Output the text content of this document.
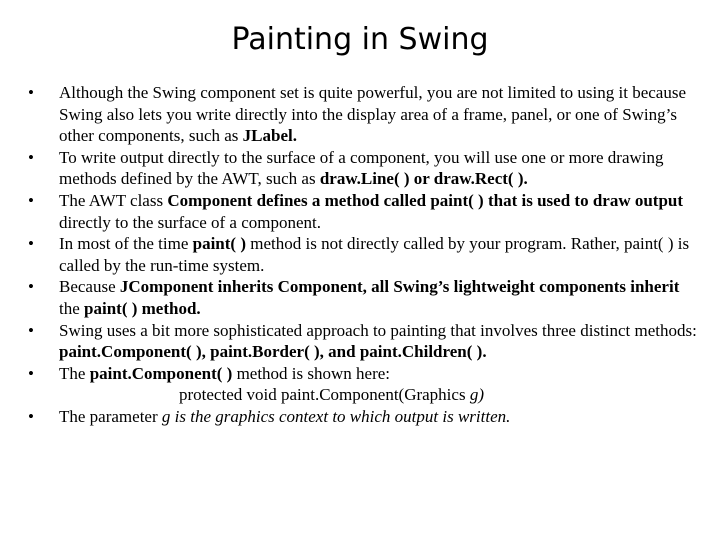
Painting in Swing
•	Although the Swing component set is quite powerful, you are not limited to using it because Swing also lets you write directly into the display area of a frame, panel, or one of Swing’s other components, such as JLabel.
•	To write output directly to the surface of a component, you will use one or more drawing methods defined by the AWT, such as draw.Line( ) or draw.Rect( ).
•	The AWT class Component defines a method called paint( ) that is used to draw output directly to the surface of a component.
•	In most of the time paint( ) method is not directly called by your program. Rather, paint( ) is called by the run-time system.
•	Because JComponent inherits Component, all Swing’s lightweight components inherit the paint( ) method.
•	Swing uses a bit more sophisticated approach to painting that involves three distinct methods: paint.Component( ), paint.Border( ), and paint.Children( ).
•	The paint.Component( ) method is shown here:
protected void paint.Component(Graphics g)
•	The parameter g is the graphics context to which output is written.
